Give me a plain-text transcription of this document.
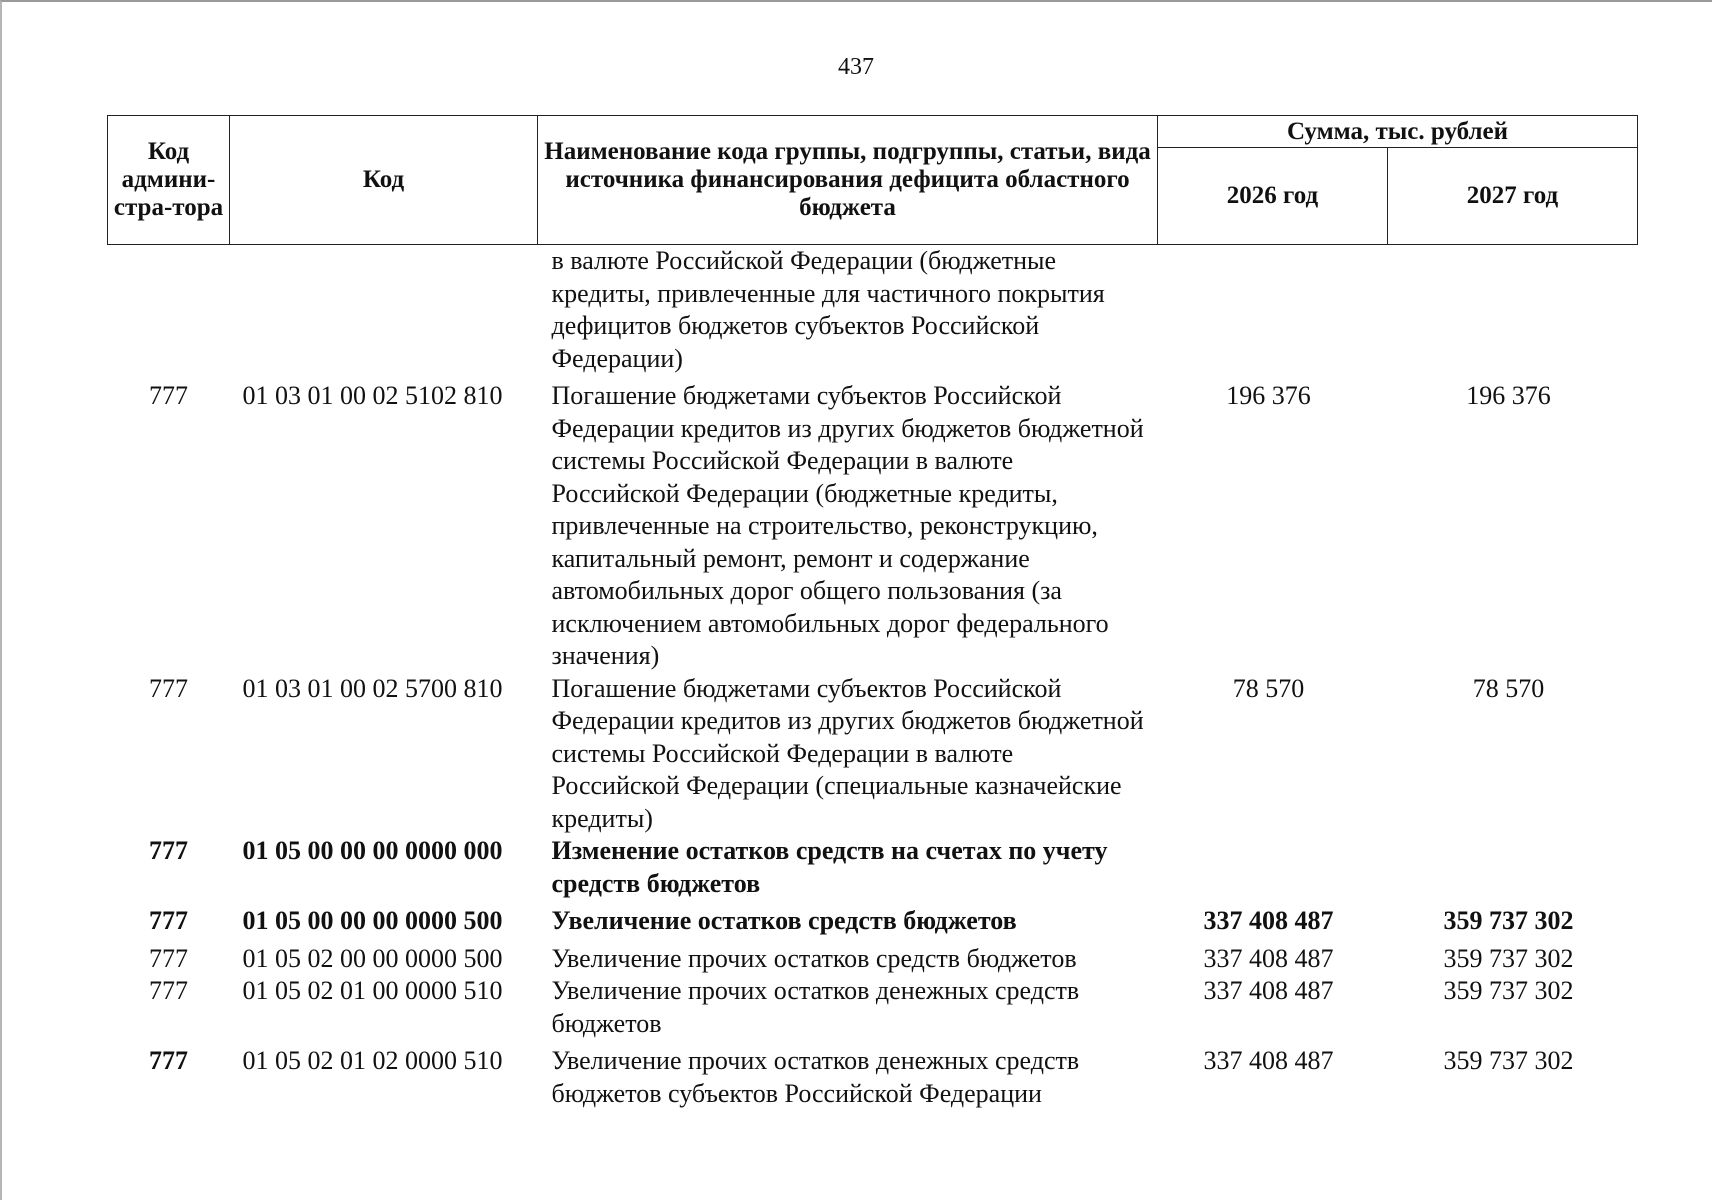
437
Код админи-стра-тора	Код	Наименование кода группы, подгруппы, статьи, вида источника финансирования дефицита областного бюджета	Сумма, тыс. рублей	
			2026 год	2027 год
		в валюте Российской Федерации (бюджетные кредиты, привлеченные для частичного покрытия дефицитов бюджетов субъектов Российской Федерации)		
777	01 03 01 00 02 5102 810	Погашение бюджетами субъектов Российской Федерации кредитов из других бюджетов бюджетной системы Российской Федерации в валюте Российской Федерации (бюджетные кредиты, привлеченные на строительство, реконструкцию, капитальный ремонт, ремонт и содержание автомобильных дорог общего пользования (за исключением автомобильных дорог федерального значения)	196 376	196 376
777	01 03 01 00 02 5700 810	Погашение бюджетами субъектов Российской Федерации кредитов из других бюджетов бюджетной системы Российской Федерации в валюте Российской Федерации (специальные казначейские кредиты)	78 570	78 570
777	01 05 00 00 00 0000 000	Изменение остатков средств на счетах по учету средств бюджетов		
777	01 05 00 00 00 0000 500	Увеличение остатков средств бюджетов	337 408 487	359 737 302
777	01 05 02 00 00 0000 500	Увеличение прочих остатков средств бюджетов	337 408 487	359 737 302
777	01 05 02 01 00 0000 510	Увеличение прочих остатков денежных средств бюджетов	337 408 487	359 737 302
777	01 05 02 01 02 0000 510	Увеличение прочих остатков денежных средств бюджетов субъектов Российской Федерации	337 408 487	359 737 302
